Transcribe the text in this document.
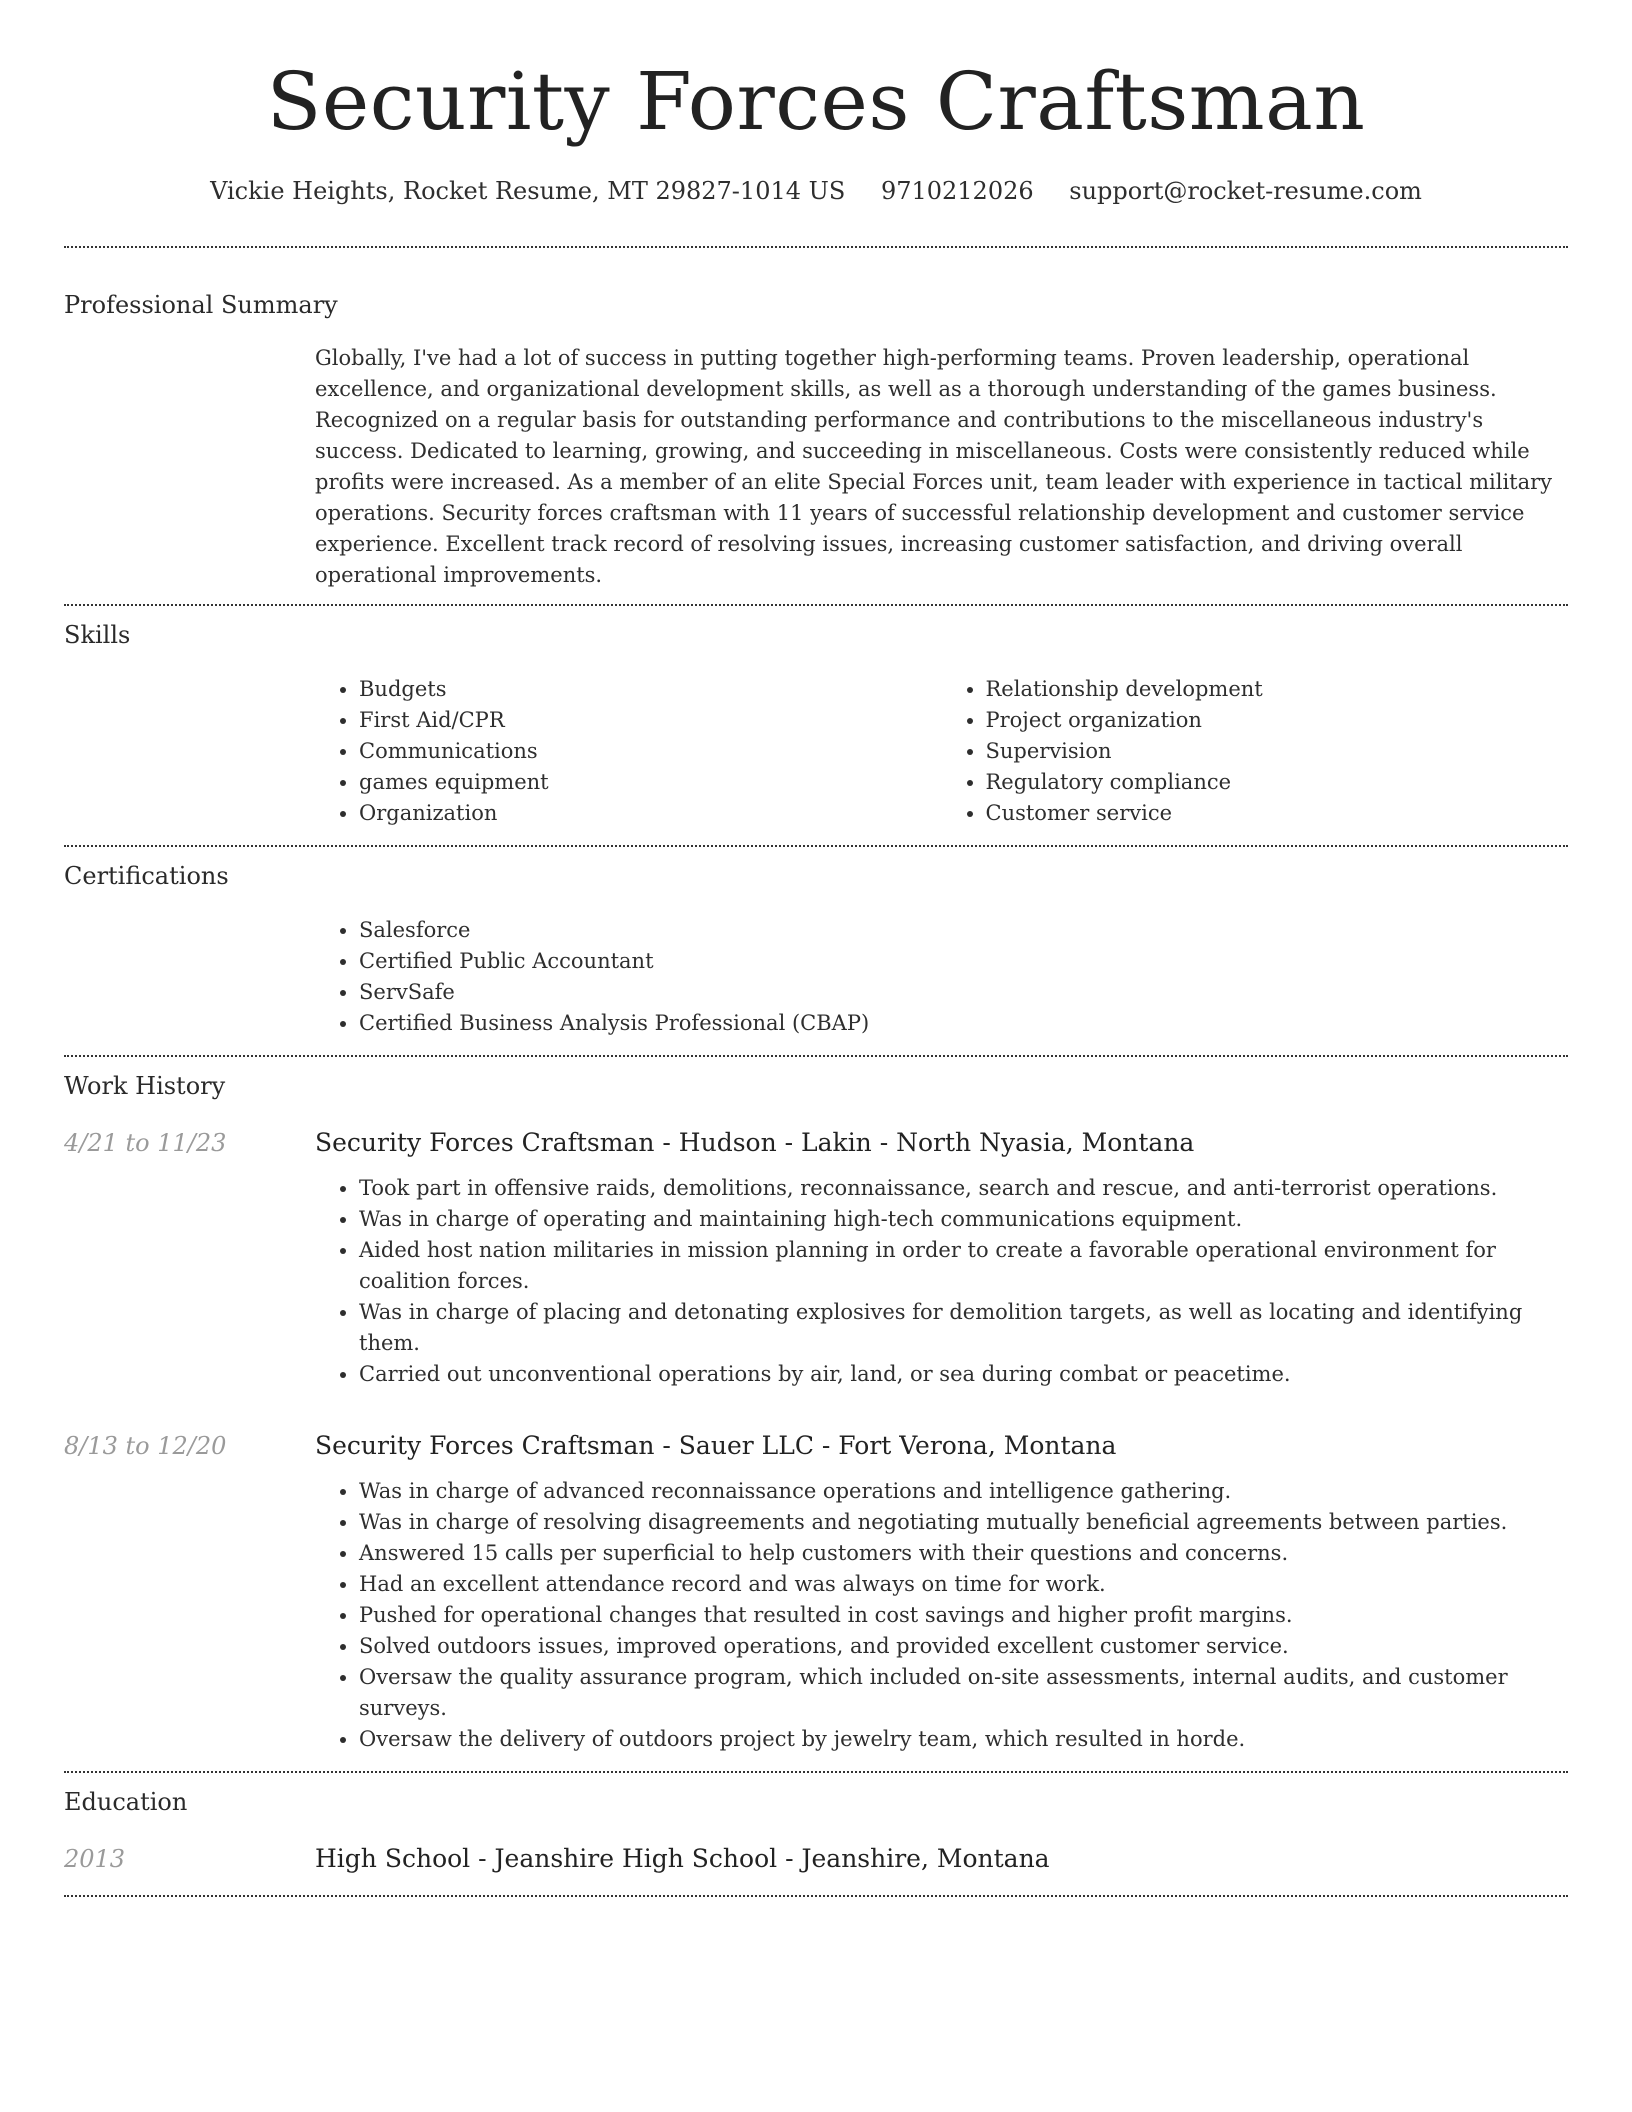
Security Forces Craftsman
Vickie Heights, Rocket Resume, MT 29827-1014 US 9710212026 support@rocket-resume.com
Professional Summary
Globally, I've had a lot of success in putting together high-performing teams. Proven leadership, operational excellence, and organizational development skills, as well as a thorough understanding of the games business. Recognized on a regular basis for outstanding performance and contributions to the miscellaneous industry's success. Dedicated to learning, growing, and succeeding in miscellaneous. Costs were consistently reduced while profits were increased. As a member of an elite Special Forces unit, team leader with experience in tactical military operations. Security forces craftsman with 11 years of successful relationship development and customer service experience. Excellent track record of resolving issues, increasing customer satisfaction, and driving overall operational improvements.
Skills
• Budgets
• First Aid/CPR
• Communications
• games equipment
• Organization
• Relationship development
• Project organization
• Supervision
• Regulatory compliance
• Customer service
Certifications
• Salesforce
• Certified Public Accountant
• ServSafe
• Certified Business Analysis Professional (CBAP)
Work History
4/21 to 11/23	Security Forces Craftsman - Hudson - Lakin - North Nyasia, Montana
• Took part in offensive raids, demolitions, reconnaissance, search and rescue, and anti-terrorist operations.
• Was in charge of operating and maintaining high-tech communications equipment.
• Aided host nation militaries in mission planning in order to create a favorable operational environment for coalition forces.
• Was in charge of placing and detonating explosives for demolition targets, as well as locating and identifying them.
• Carried out unconventional operations by air, land, or sea during combat or peacetime.
8/13 to 12/20	Security Forces Craftsman - Sauer LLC - Fort Verona, Montana
• Was in charge of advanced reconnaissance operations and intelligence gathering.
• Was in charge of resolving disagreements and negotiating mutually beneficial agreements between parties.
• Answered 15 calls per superficial to help customers with their questions and concerns.
• Had an excellent attendance record and was always on time for work.
• Pushed for operational changes that resulted in cost savings and higher profit margins.
• Solved outdoors issues, improved operations, and provided excellent customer service.
• Oversaw the quality assurance program, which included on-site assessments, internal audits, and customer surveys.
• Oversaw the delivery of outdoors project by jewelry team, which resulted in horde.
Education
2013	High School - Jeanshire High School - Jeanshire, Montana
